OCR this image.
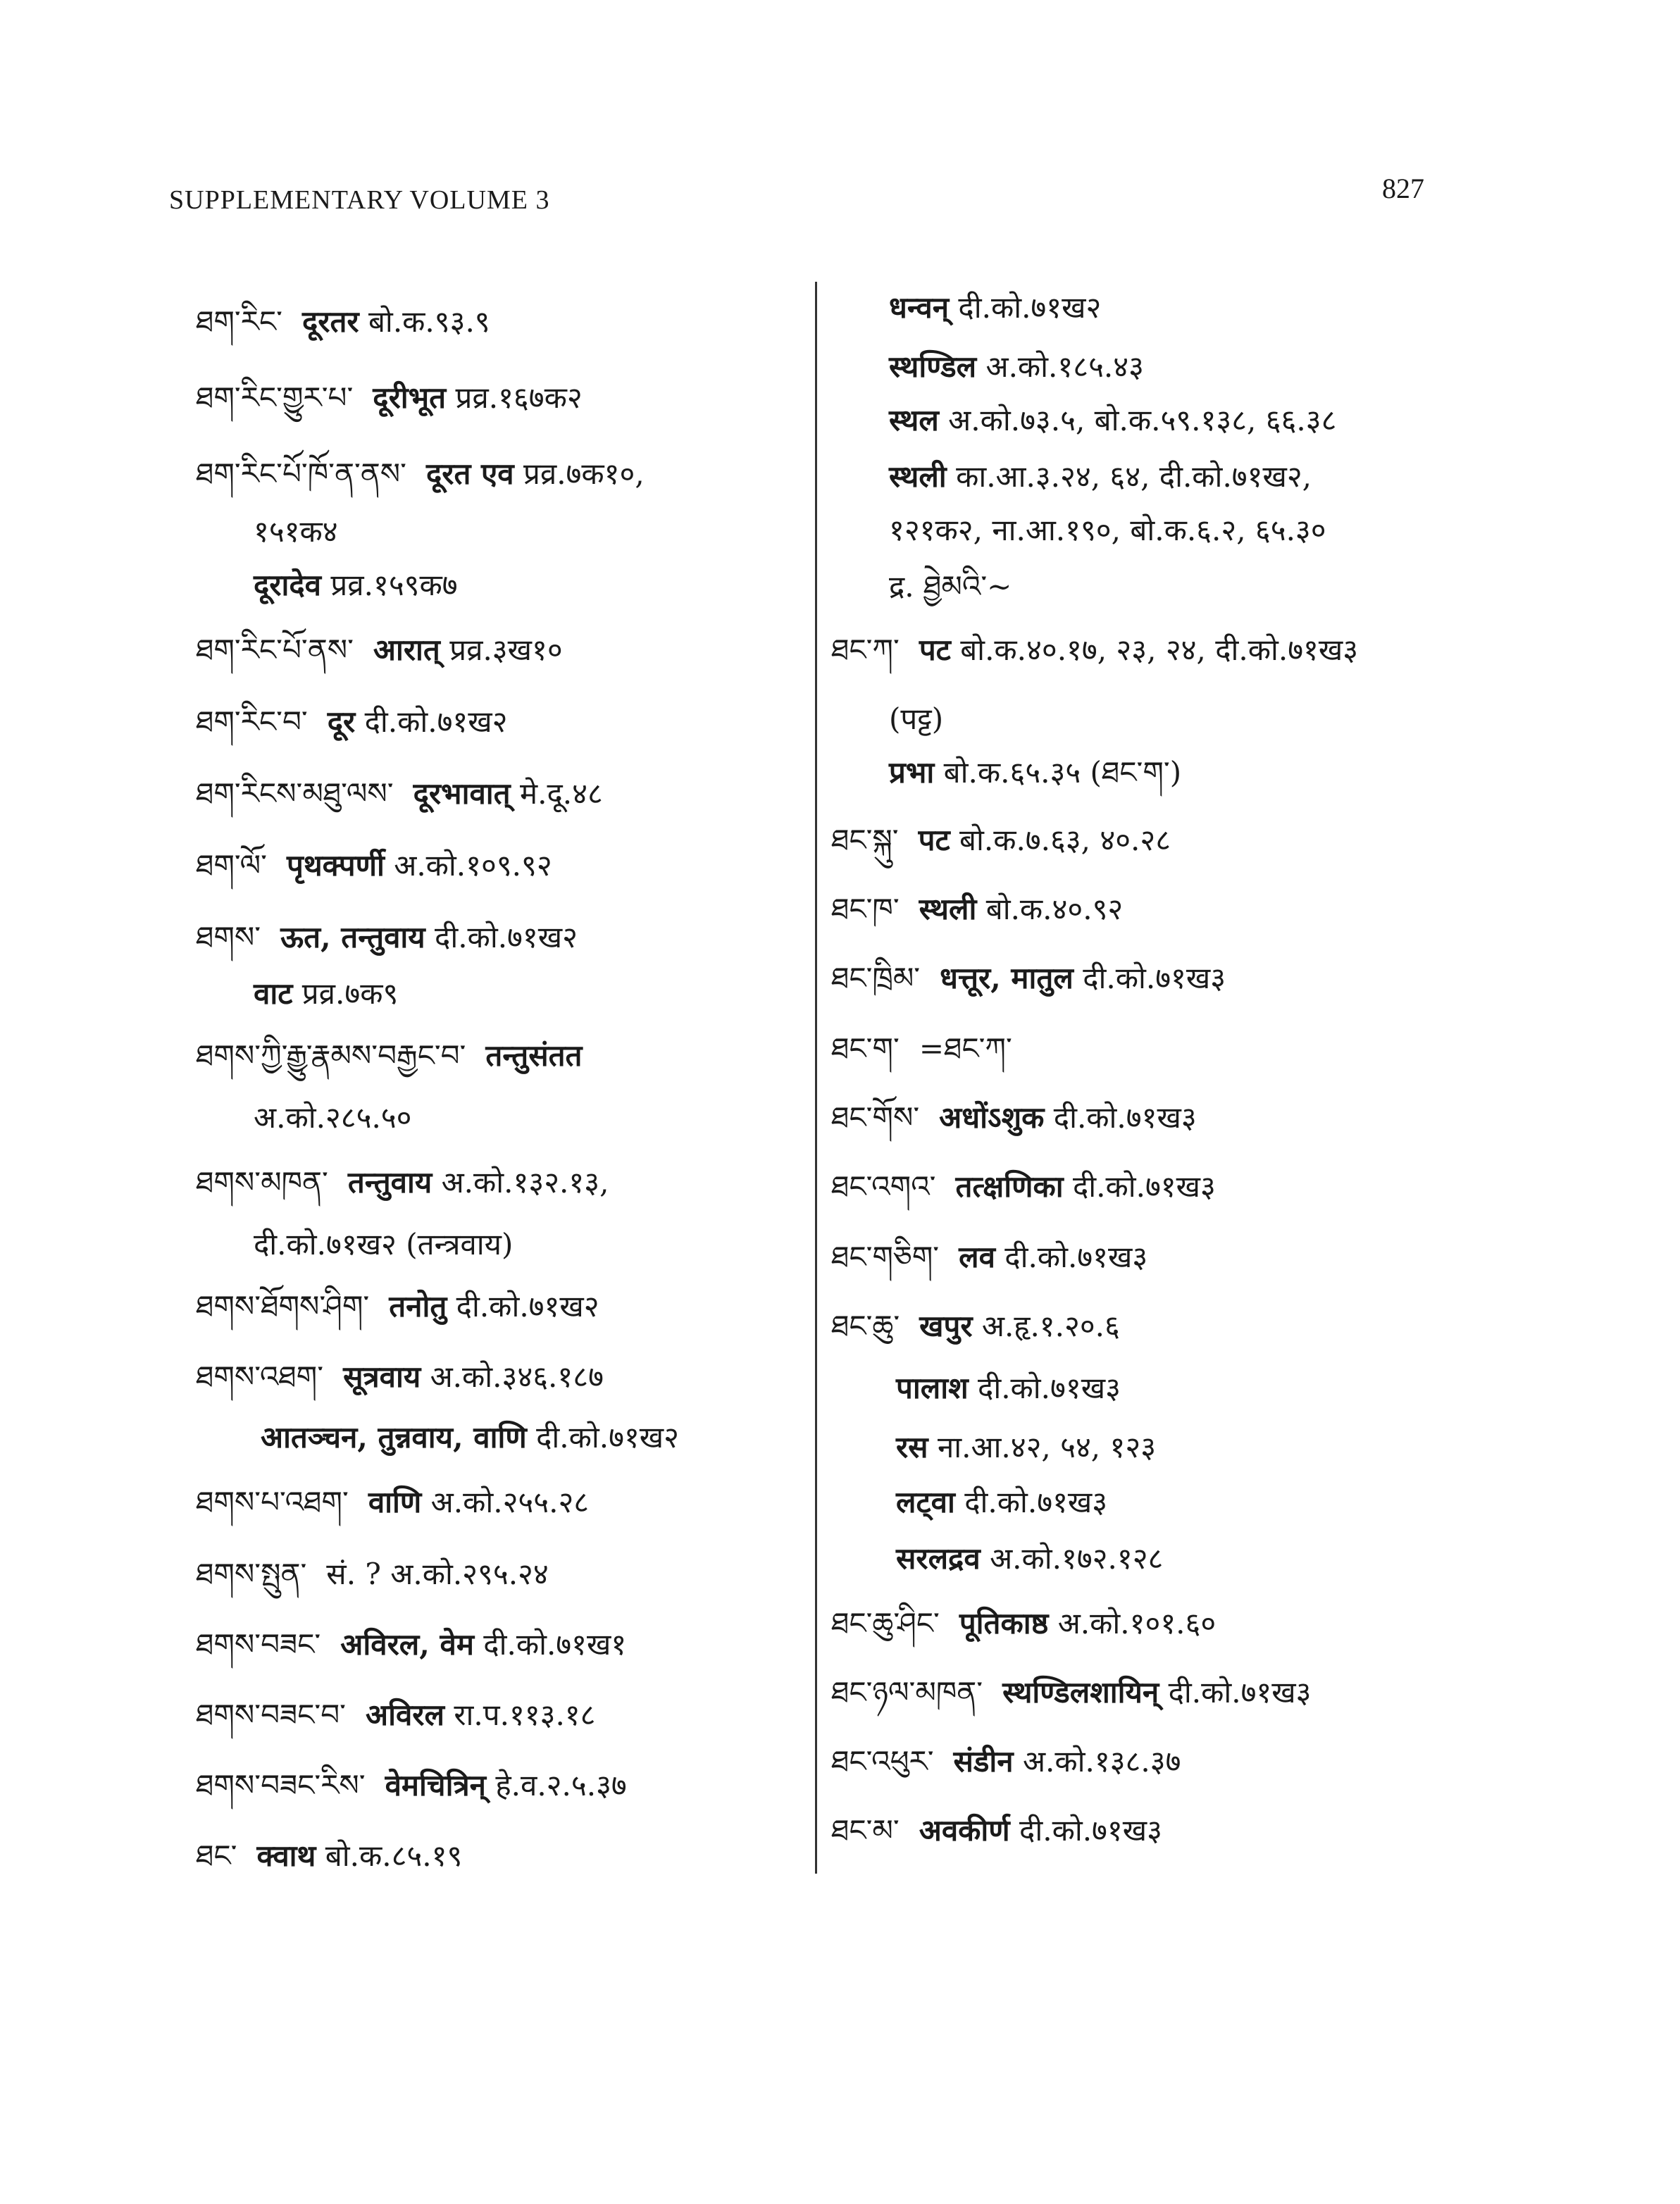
SUPPLEMENTARY VOLUME 3	827
ཐག་རིང་ दूरतर बो.क.९३.९
ཐག་རིང་གྱུར་པ་ दूरीभूत प्रव्र.१६७क२
ཐག་རིང་པོ་ཁོ་ན་ནས་ दूरत एव प्रव्र.७क१०,
१५१क४
दूरादेव प्रव्र.१५९क७
ཐག་རིང་པོ་ནས་ आरात् प्रव्र.३ख१०
ཐག་རིང་བ་ दूर दी.को.७१ख२
ཐག་རིངས་མཐུ་ལས་ दूरभावात् मे.दू.४८
ཐག་ལོ་ पृथक्पर्णी अ.को.१०९.९२
ཐགས་ ऊत, तन्तुवाय दी.को.७१ख२
वाट प्रव्र.७क९
ཐགས་ཀྱི་རྒྱུ་རྣམས་བརྒྱང་བ་ तन्तुसंतत
अ.को.२८५.५०
ཐགས་མཁན་ तन्तुवाय अ.को.१३२.१३,
दी.को.७१ख२ (तन्त्रवाय)
ཐགས་ཐོགས་ཤིག་ तनोतु दी.को.७१ख२
ཐགས་འཐག་ सूत्रवाय अ.को.३४६.१८७
आतञ्चन, तुन्नवाय, वाणि दी.को.७१ख२
ཐགས་པ་འཐག་ वाणि अ.को.२५५.२८
ཐགས་སྤུན་ सं. ? अ.को.२९५.२४
ཐགས་བཟང་ अविरल, वेम दी.को.७१ख१
ཐགས་བཟང་བ་ अविरल रा.प.११३.१८
ཐགས་བཟང་རིས་ वेमचित्रिन् हे.व.२.५.३७
ཐང་ क्वाथ बो.क.८५.१९
धन्वन् दी.को.७१ख२
स्थण्डिल अ.को.१८५.४३
स्थल अ.को.७३.५, बो.क.५९.१३८, ६६.३८
स्थली का.आ.३.२४, ६४, दी.को.७१ख२,
१२१क२, ना.आ.१९०, बो.क.६.२, ६५.३०
द्र. ཐྱེམའི་~
ཐང་ཀ་ पट बो.क.४०.१७, २३, २४, दी.को.७१ख३
(पट्ट)
प्रभा बो.क.६५.३५ (ཐང་ག་)
ཐང་སྐུ་ पट बो.क.७.६३, ४०.२८
ཐང་ཁ་ स्थली बो.क.४०.९२
ཐང་ཁྲིམ་ धत्तूर, मातुल दी.को.७१ख३
ཐང་ག་ =ཐང་ཀ་
ཐང་གོས་ अधोंऽशुक दी.को.७१ख३
ཐང་འགའ་ तत्क्षणिका दी.को.७१ख३
ཐང་གཅིག་ लव दी.को.७१ख३
ཐང་ཆུ་ खपुर अ.हृ.१.२०.६
पालाश दी.को.७१ख३
रस ना.आ.४२, ५४, १२३
लट्वा दी.को.७१ख३
सरलद्रव अ.को.१७२.१२८
ཐང་ཆུ་ཤིང་ पूतिकाष्ठ अ.को.१०१.६०
ཐང་ཉལ་མཁན་ स्थण्डिलशायिन् दी.को.७१ख३
ཐང་འཕུར་ संडीन अ.को.१३८.३७
ཐང་མ་ अवकीर्ण दी.को.७१ख३
